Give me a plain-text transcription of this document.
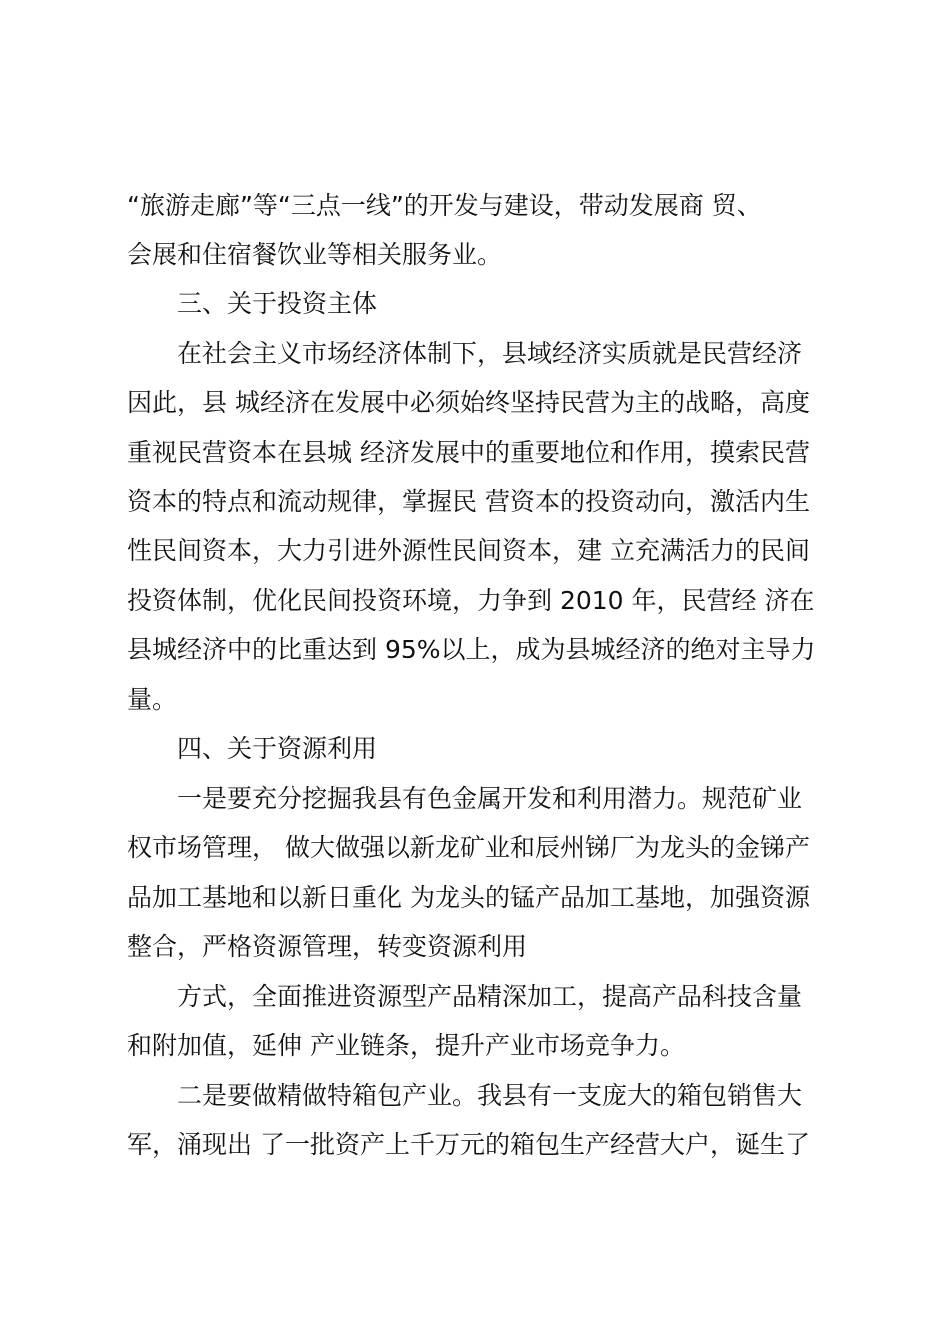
“旅游走廊”等“三点一线”的开发与建设，带动发展商 贸、
会展和住宿餐饮业等相关服务业。
三、关于投资主体
在社会主义市场经济体制下，县域经济实质就是民营经济
因此，县 城经济在发展中必须始终坚持民营为主的战略，高度
重视民营资本在县城 经济发展中的重要地位和作用，摸索民营
资本的特点和流动规律，掌握民 营资本的投资动向，激活内生
性民间资本，大力引进外源性民间资本，建 立充满活力的民间
投资体制，优化民间投资环境，力争到 2010 年，民营经 济在
县城经济中的比重达到 95%以上，成为县城经济的绝对主导力
量。
四、关于资源利用
一是要充分挖掘我县有色金属开发和利用潜力。规范矿业
权市场管理， 做大做强以新龙矿业和辰州锑厂为龙头的金锑产
品加工基地和以新日重化 为龙头的锰产品加工基地，加强资源
整合，严格资源管理，转变资源利用
方式，全面推进资源型产品精深加工，提高产品科技含量
和附加值，延伸 产业链条，提升产业市场竞争力。
二是要做精做特箱包产业。我县有一支庞大的箱包销售大
军，涌现出 了一批资产上千万元的箱包生产经营大户，诞生了
